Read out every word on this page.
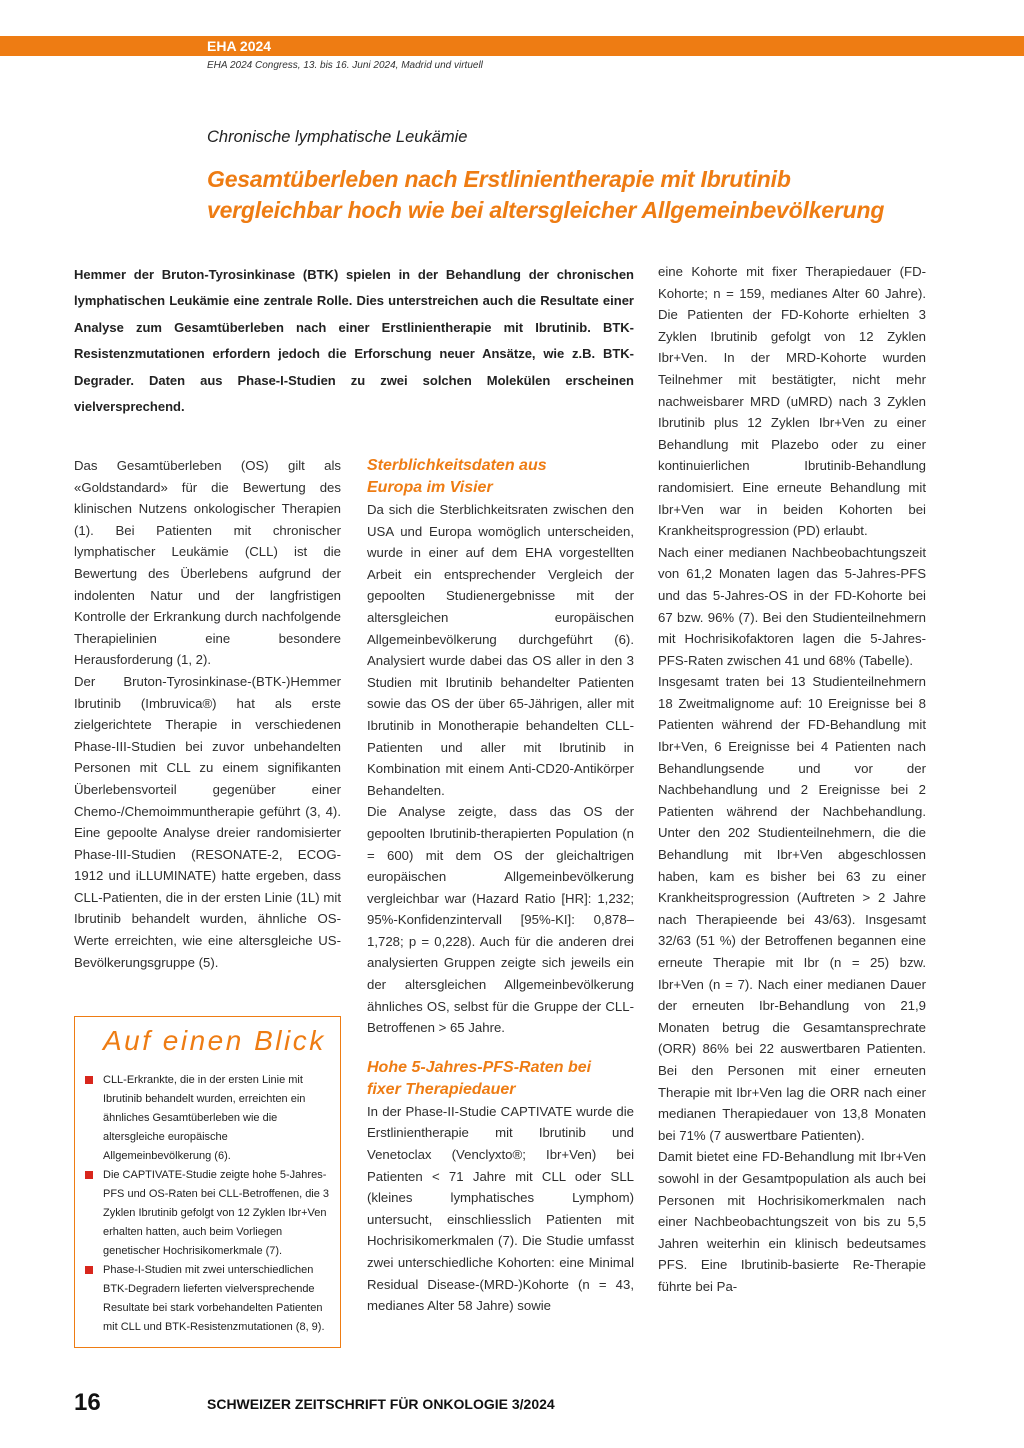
EHA 2024
EHA 2024 Congress, 13. bis 16. Juni 2024, Madrid und virtuell
Chronische lymphatische Leukämie
Gesamtüberleben nach Erstlinientherapie mit Ibrutinib
vergleichbar hoch wie bei altersgleicher Allgemeinbevölkerung
Hemmer der Bruton-Tyrosinkinase (BTK) spielen in der Behandlung der chronischen lymphatischen Leukämie eine zentrale Rolle. Dies unterstreichen auch die Resultate einer Analyse zum Gesamtüberleben nach einer Erstlinientherapie mit Ibrutinib. BTK-Resistenzmutationen erfordern jedoch die Erforschung neuer Ansätze, wie z.B. BTK-Degrader. Daten aus Phase-I-Studien zu zwei solchen Molekülen erscheinen vielversprechend.

Das Gesamtüberleben (OS) gilt als «Goldstandard» für die Bewertung des klinischen Nutzens onkologischer Therapien (1). Bei Patienten mit chronischer lymphatischer Leukämie (CLL) ist die Bewertung des Überlebens aufgrund der indolenten Natur und der langfristigen Kontrolle der Erkrankung durch nachfolgende Therapielinien eine besondere Herausforderung (1, 2).

Der Bruton-Tyrosinkinase-(BTK-)Hemmer Ibrutinib (Imbruvica®) hat als erste zielgerichtete Therapie in verschiedenen Phase-III-Studien bei zuvor unbehandelten Personen mit CLL zu einem signifikanten Überlebensvorteil gegenüber einer Chemo-/Chemoimmuntherapie geführt (3, 4). Eine gepoolte Analyse dreier randomisierter Phase-III-Studien (RESONATE-2, ECOG-1912 und iLLUMINATE) hatte ergeben, dass CLL-Patienten, die in der ersten Linie (1L) mit Ibrutinib behandelt wurden, ähnliche OS-Werte erreichten, wie eine altersgleiche US-Bevölkerungsgruppe (5).

Auf einen Blick
CLL-Erkrankte, die in der ersten Linie mit Ibrutinib behandelt wurden, erreichten ein ähnliches Gesamtüberleben wie die altersgleiche europäische Allgemeinbevölkerung (6).
Die CAPTIVATE-Studie zeigte hohe 5-Jahres-PFS und OS-Raten bei CLL-Betroffenen, die 3 Zyklen Ibrutinib gefolgt von 12 Zyklen Ibr+Ven erhalten hatten, auch beim Vorliegen genetischer Hochrisikomerkmale (7).
Phase-I-Studien mit zwei unterschiedlichen BTK-Degradern lieferten vielversprechende Resultate bei stark vorbehandelten Patienten mit CLL und BTK-Resistenzmutationen (8, 9).
Sterblichkeitsdaten aus
Europa im Visier

Da sich die Sterblichkeitsraten zwischen den USA und Europa womöglich unterscheiden, wurde in einer auf dem EHA vorgestellten Arbeit ein entsprechender Vergleich der gepoolten Studienergebnisse mit der altersgleichen europäischen Allgemeinbevölkerung durchgeführt (6). Analysiert wurde dabei das OS aller in den 3 Studien mit Ibrutinib behandelter Patienten sowie das OS der über 65-Jährigen, aller mit Ibrutinib in Monotherapie behandelten CLL-Patienten und aller mit Ibrutinib in Kombination mit einem Anti-CD20-Antikörper Behandelten.

Die Analyse zeigte, dass das OS der gepoolten Ibrutinib-therapierten Population (n = 600) mit dem OS der gleichaltrigen europäischen Allgemeinbevölkerung vergleichbar war (Hazard Ratio [HR]: 1,232; 95%-Konfidenzintervall [95%-KI]: 0,878–1,728; p = 0,228). Auch für die anderen drei analysierten Gruppen zeigte sich jeweils ein der altersgleichen Allgemeinbevölkerung ähnliches OS, selbst für die Gruppe der CLL-Betroffenen > 65 Jahre.

Hohe 5-Jahres-PFS-Raten bei
fixer Therapiedauer

In der Phase-II-Studie CAPTIVATE wurde die Erstlinientherapie mit Ibrutinib und Venetoclax (Venclyxto®; Ibr+Ven) bei Patienten < 71 Jahre mit CLL oder SLL (kleines lymphatisches Lymphom) untersucht, einschliesslich Patienten mit Hochrisikomerkmalen (7). Die Studie umfasst zwei unterschiedliche Kohorten: eine Minimal Residual Disease-(MRD-)Kohorte (n = 43, medianes Alter 58 Jahre) sowie

eine Kohorte mit fixer Therapiedauer (FD-Kohorte; n = 159, medianes Alter 60 Jahre). Die Patienten der FD-Kohorte erhielten 3 Zyklen Ibrutinib gefolgt von 12 Zyklen Ibr+Ven. In der MRD-Kohorte wurden Teilnehmer mit bestätigter, nicht mehr nachweisbarer MRD (uMRD) nach 3 Zyklen Ibrutinib plus 12 Zyklen Ibr+Ven zu einer Behandlung mit Plazebo oder zu einer kontinuierlichen Ibrutinib-Behandlung randomisiert. Eine erneute Behandlung mit Ibr+Ven war in beiden Kohorten bei Krankheitsprogression (PD) erlaubt.

Nach einer medianen Nachbeobachtungszeit von 61,2 Monaten lagen das 5-Jahres-PFS und das 5-Jahres-OS in der FD-Kohorte bei 67 bzw. 96% (7). Bei den Studienteilnehmern mit Hochrisikofaktoren lagen die 5-Jahres-PFS-Raten zwischen 41 und 68% (Tabelle).

Insgesamt traten bei 13 Studienteilnehmern 18 Zweitmalignome auf: 10 Ereignisse bei 8 Patienten während der FD-Behandlung mit Ibr+Ven, 6 Ereignisse bei 4 Patienten nach Behandlungsende und vor der Nachbehandlung und 2 Ereignisse bei 2 Patienten während der Nachbehandlung. Unter den 202 Studienteilnehmern, die die Behandlung mit Ibr+Ven abgeschlossen haben, kam es bisher bei 63 zu einer Krankheitsprogression (Auftreten > 2 Jahre nach Therapieende bei 43/63). Insgesamt 32/63 (51 %) der Betroffenen begannen eine erneute Therapie mit Ibr (n = 25) bzw. Ibr+Ven (n = 7). Nach einer medianen Dauer der erneuten Ibr-Behandlung von 21,9 Monaten betrug die Gesamtansprechrate (ORR) 86% bei 22 auswertbaren Patienten. Bei den Personen mit einer erneuten Therapie mit Ibr+Ven lag die ORR nach einer medianen Therapiedauer von 13,8 Monaten bei 71% (7 auswertbare Patienten).

Damit bietet eine FD-Behandlung mit Ibr+Ven sowohl in der Gesamtpopulation als auch bei Personen mit Hochrisikomerkmalen nach einer Nachbeobachtungszeit von bis zu 5,5 Jahren weiterhin ein klinisch bedeutsames PFS. Eine Ibrutinib-basierte Re-Therapie führte bei Pa-

16	SCHWEIZER ZEITSCHRIFT FÜR ONKOLOGIE 3/2024
